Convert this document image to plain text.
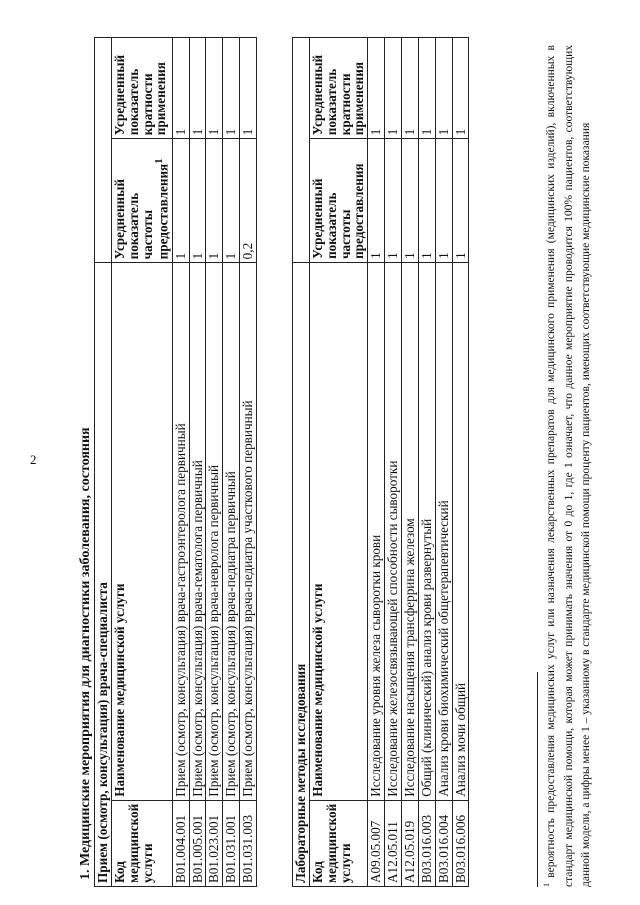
2	1. Медицинские мероприятия для диагностики заболевания, состояния Прием (осмотр, консультация) врача-специалиста			
Код медицинской услуги	Наименование медицинской услуги	Усредненный показатель частоты предоставления$^1$	Усредненный показатель кратности применения
B01.004.001	Прием (осмотр, консультация) врача-гастроэнтеролога первичный	1	1
B01.005.001	Прием (осмотр, консультация) врача-гематолога первичный	1	1
B01.023.001	Прием (осмотр, консультация) врача-невролога первичный	1	1
B01.031.001	Прием (осмотр, консультация) врача-педиатра первичный	1	1
B01.031.003	Прием (осмотр, консультация) врача-педиатра участкового первичный	0,2	1
Лабораторные методы исследования			
Код медицинской услуги	Наименование медицинской услуги	Усредненный показатель частоты предоставления	Усредненный показатель кратности применения
A09.05.007	Исследование уровня железа сыворотки крови	1	1
A12.05.011	Исследование железосвязывающей способности сыворотки	1	1
A12.05.019	Исследование насыщения трансферрина железом	1	1
B03.016.003	Общий (клинический) анализ крови развернутый	1	1
B03.016.004	Анализ крови биохимический общетерапевтический	1	1
B03.016.006	Анализ мочи общий	1	1
$^1$ вероятность предоставления медицинских услуг или назначения лекарственных препаратов для медицинского применения (медицинских изделий), включенных в стандарт медицинской помощи, которая может принимать значения от 0 до 1, где 1 означает, что данное мероприятие проводится 100% пациентов, соответствующих данной модели, а цифры менее 1 – указанному в стандарте медицинской помощи проценту пациентов, имеющих соответствующие медицинские показания
